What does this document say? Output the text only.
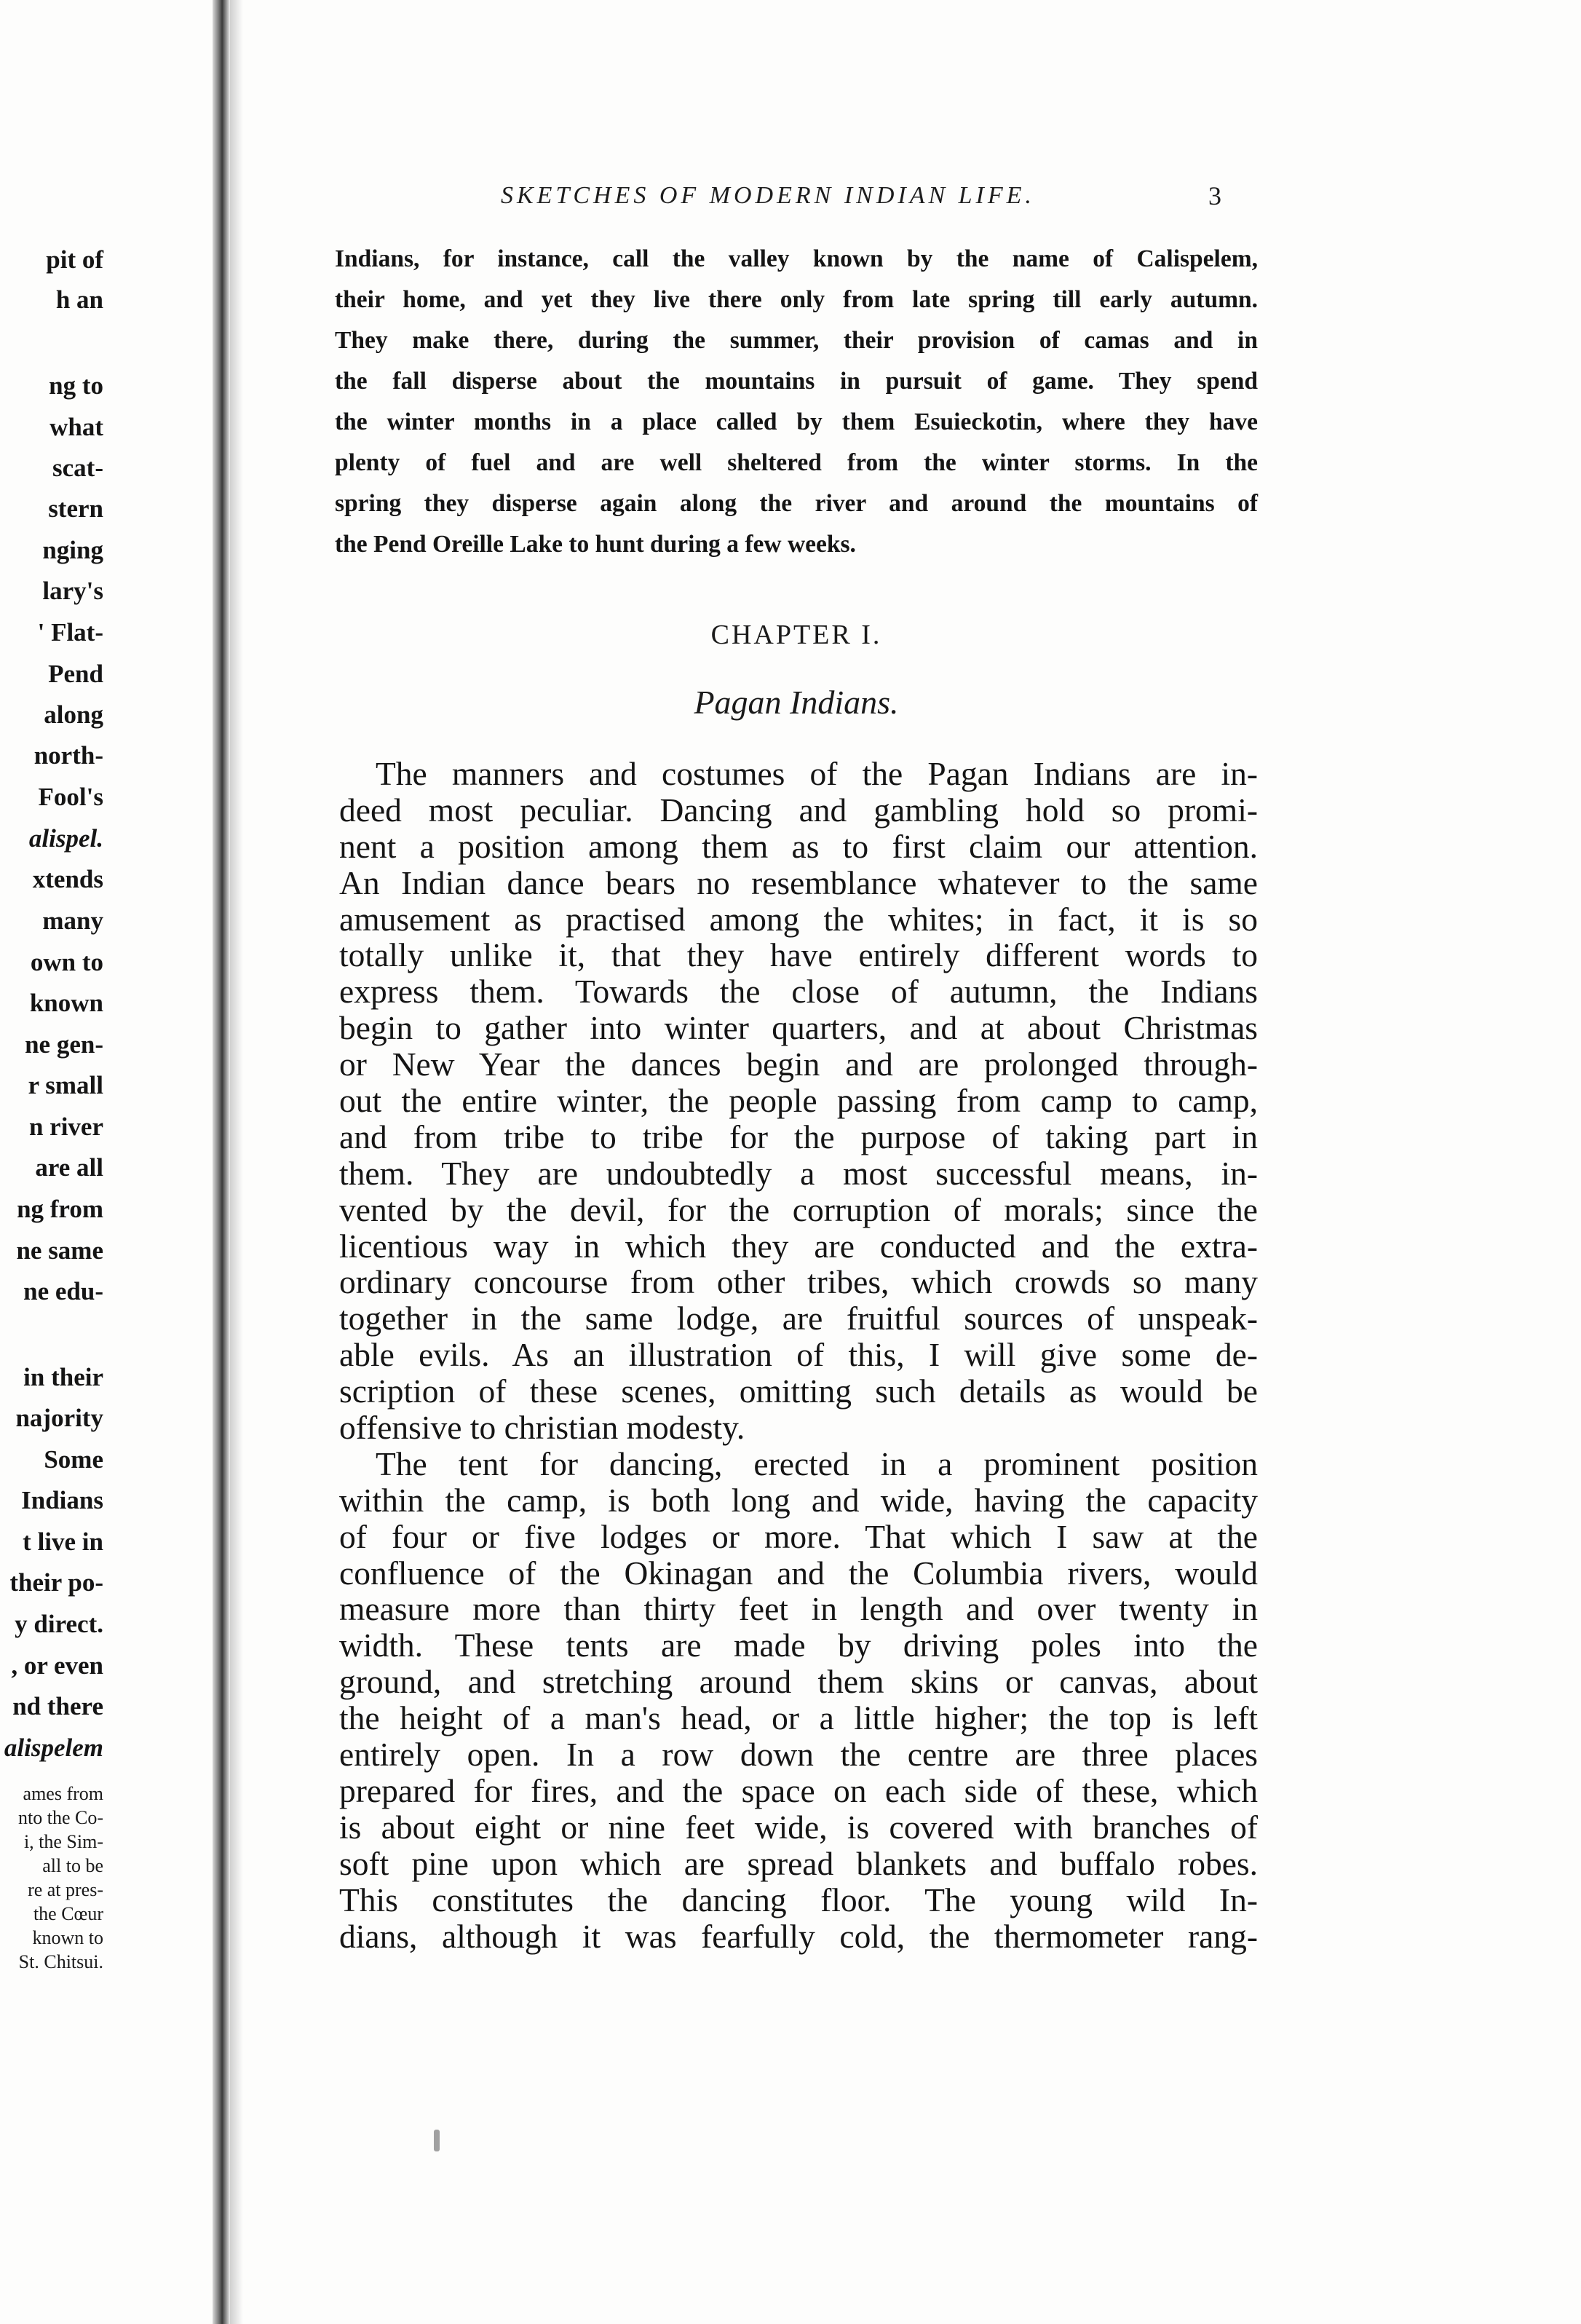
pit of
h an
ng to
what
scat-
stern
nging
lary's
' Flat-
Pend
along
north-
Fool's
alispel.
xtends
many
own to
known
ne gen-
r small
n river
are all
ng from
ne same
ne edu-
in their
najority
Some
Indians
t live in
their po-
y direct.
, or even
nd there
alispelem
ames from
nto the Co-
i, the Sim-
all to be
re at pres-
the Cœur
known to
St. Chitsui.
SKETCHES OF MODERN INDIAN LIFE.	3
Indians, for instance, call the valley known by the name of Calispelem,
their home, and yet they live there only from late spring till early autumn.
They make there, during the summer, their provision of camas and in
the fall disperse about the mountains in pursuit of game. They spend
the winter months in a place called by them Esuieckotin, where they have
plenty of fuel and are well sheltered from the winter storms. In the
spring they disperse again along the river and around the mountains of
the Pend Oreille Lake to hunt during a few weeks.
CHAPTER I.
Pagan Indians.
The manners and costumes of the Pagan Indians are in-
deed most peculiar. Dancing and gambling hold so promi-
nent a position among them as to first claim our attention.
An Indian dance bears no resemblance whatever to the same
amusement as practised among the whites; in fact, it is so
totally unlike it, that they have entirely different words to
express them. Towards the close of autumn, the Indians
begin to gather into winter quarters, and at about Christmas
or New Year the dances begin and are prolonged through-
out the entire winter, the people passing from camp to camp,
and from tribe to tribe for the purpose of taking part in
them. They are undoubtedly a most successful means, in-
vented by the devil, for the corruption of morals; since the
licentious way in which they are conducted and the extra-
ordinary concourse from other tribes, which crowds so many
together in the same lodge, are fruitful sources of unspeak-
able evils. As an illustration of this, I will give some de-
scription of these scenes, omitting such details as would be
offensive to christian modesty.
The tent for dancing, erected in a prominent position
within the camp, is both long and wide, having the capacity
of four or five lodges or more. That which I saw at the
confluence of the Okinagan and the Columbia rivers, would
measure more than thirty feet in length and over twenty in
width. These tents are made by driving poles into the
ground, and stretching around them skins or canvas, about
the height of a man's head, or a little higher; the top is left
entirely open. In a row down the centre are three places
prepared for fires, and the space on each side of these, which
is about eight or nine feet wide, is covered with branches of
soft pine upon which are spread blankets and buffalo robes.
This constitutes the dancing floor. The young wild In-
dians, although it was fearfully cold, the thermometer rang-
